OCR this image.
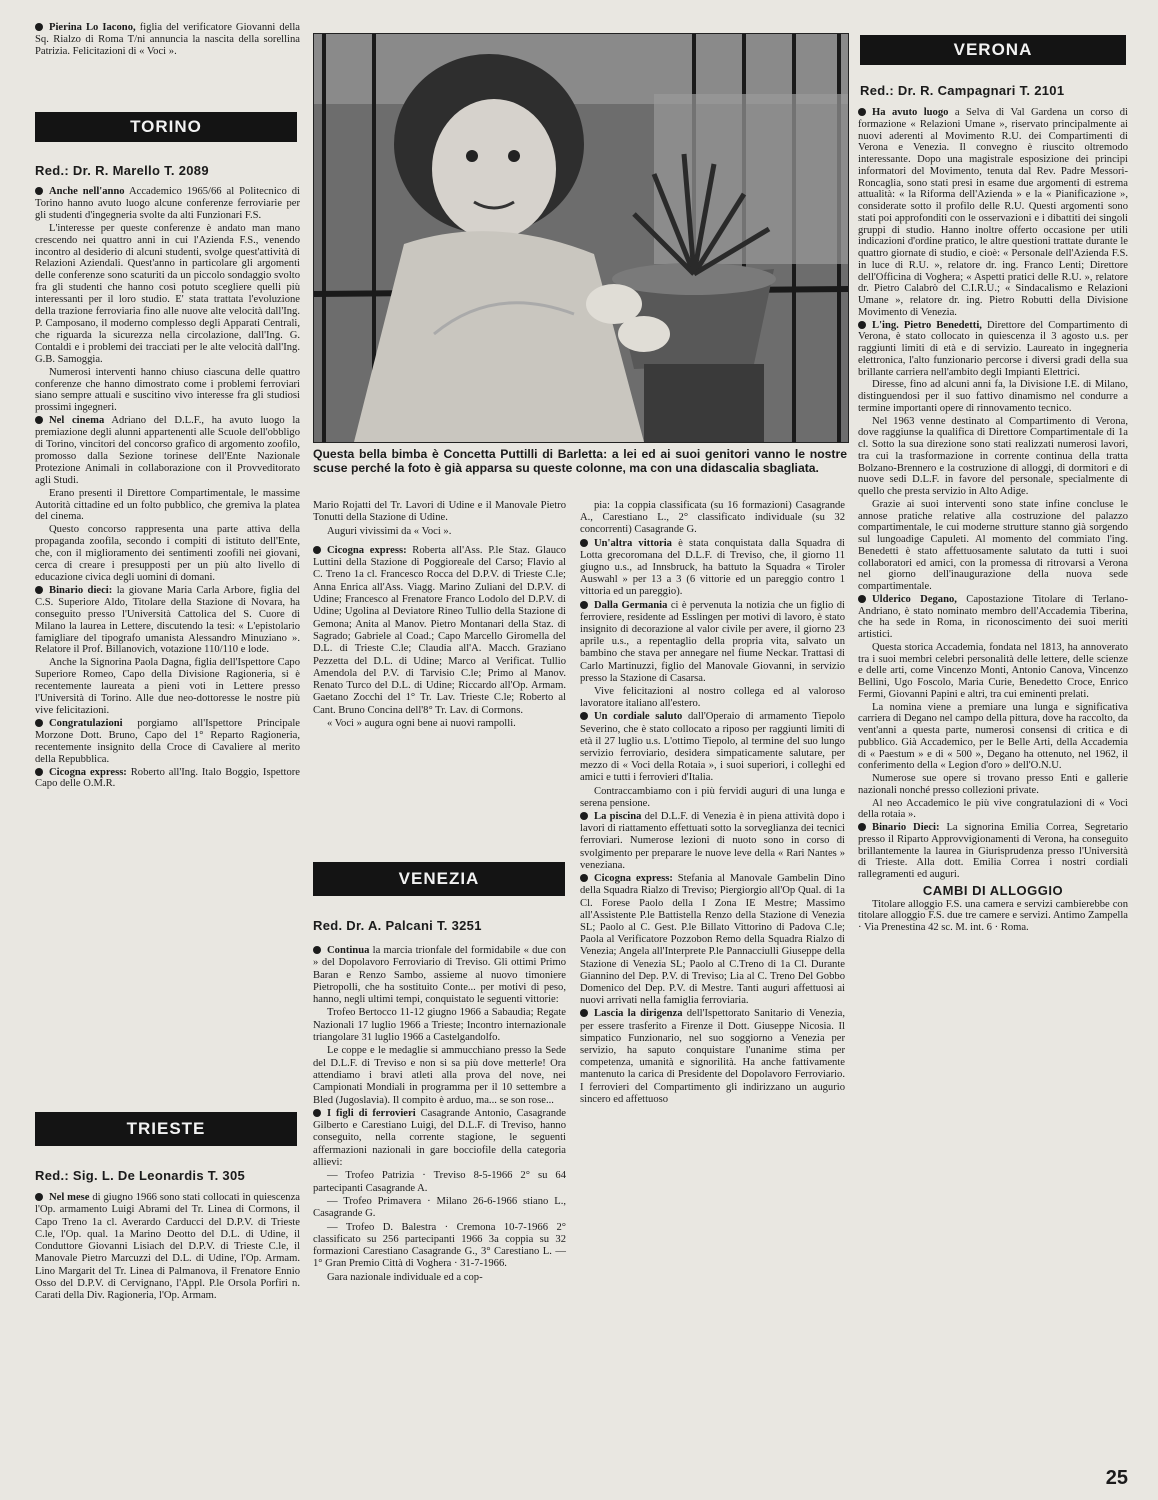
Pierina Lo Iacono, figlia del verificatore Giovanni della Sq. Rialzo di Roma T/ni annuncia la nascita della sorellina Patrizia. Felicitazioni di « Voci ».

TORINO
Red.: Dr. R. Marello T. 2089

Anche nell'anno Accademico 1965/66 al Politecnico di Torino hanno avuto luogo alcune conferenze ferroviarie per gli studenti d'ingegneria svolte da alti Funzionari F.S.

L'interesse per queste conferenze è andato man mano crescendo nei quattro anni in cui l'Azienda F.S., venendo incontro al desiderio di alcuni studenti, svolge quest'attività di Relazioni Aziendali. Quest'anno in particolare gli argomenti delle conferenze sono scaturiti da un piccolo sondaggio svolto fra gli studenti che hanno così potuto scegliere quelli più interessanti per il loro studio. E' stata trattata l'evoluzione della trazione ferroviaria fino alle nuove alte velocità dall'Ing. P. Camposano, il moderno complesso degli Apparati Centrali, che riguarda la sicurezza nella circolazione, dall'Ing. G. Contaldi e i problemi dei tracciati per le alte velocità dall'Ing. G.B. Samoggia.

Numerosi interventi hanno chiuso ciascuna delle quattro conferenze che hanno dimostrato come i problemi ferroviari siano sempre attuali e suscitino vivo interesse fra gli studiosi prossimi ingegneri.

Nel cinema Adriano del D.L.F., ha avuto luogo la premiazione degli alunni appartenenti alle Scuole dell'obbligo di Torino, vincitori del concorso grafico di argomento zoofilo, promosso dalla Sezione torinese dell'Ente Nazionale Protezione Animali in collaborazione con il Provveditorato agli Studi.

Erano presenti il Direttore Compartimentale, le massime Autorità cittadine ed un folto pubblico, che gremiva la platea del cinema.

Questo concorso rappresenta una parte attiva della propaganda zoofila, secondo i compiti di istituto dell'Ente, che, con il miglioramento dei sentimenti zoofili nei giovani, cerca di creare i presupposti per un più alto livello di educazione civica degli uomini di domani.

Binario dieci: la giovane Maria Carla Arbore, figlia del C.S. Superiore Aldo, Titolare della Stazione di Novara, ha conseguito presso l'Università Cattolica del S. Cuore di Milano la laurea in Lettere, discutendo la tesi: « L'epistolario famigliare del tipografo umanista Alessandro Minuziano ». Relatore il Prof. Billanovich, votazione 110/110 e lode.

Anche la Signorina Paola Dagna, figlia dell'Ispettore Capo Superiore Romeo, Capo della Divisione Ragioneria, si è recentemente laureata a pieni voti in Lettere presso l'Università di Torino. Alle due neo-dottoresse le nostre più vive felicitazioni.

Congratulazioni porgiamo all'Ispettore Principale Morzone Dott. Bruno, Capo del 1° Reparto Ragioneria, recentemente insignito della Croce di Cavaliere al merito della Repubblica.

Cicogna express: Roberto all'Ing. Italo Boggio, Ispettore Capo delle O.M.R.

TRIESTE
Red.: Sig. L. De Leonardis T. 305

Nel mese di giugno 1966 sono stati collocati in quiescenza l'Op. armamento Luigi Abrami del Tr. Linea di Cormons, il Capo Treno 1a cl. Averardo Carducci del D.P.V. di Trieste C.le, l'Op. qual. 1a Marino Deotto del D.L. di Udine, il Conduttore Giovanni Lisiach del D.P.V. di Trieste C.le, il Manovale Pietro Marcuzzi del D.L. di Udine, l'Op. Armam. Lino Margarit del Tr. Linea di Palmanova, il Frenatore Ennio Osso del D.P.V. di Cervignano, l'Appl. P.le Orsola Porfiri n. Carati della Div. Ragioneria, l'Op. Armam.

Questa bella bimba è Concetta Puttilli di Barletta: a lei ed ai suoi genitori vanno le nostre scuse perché la foto è già apparsa su queste colonne, ma con una didascalia sbagliata.

Mario Rojatti del Tr. Lavori di Udine e il Manovale Pietro Tonutti della Stazione di Udine.

Auguri vivissimi da « Voci ».

Cicogna express: Roberta all'Ass. P.le Staz. Glauco Luttini della Stazione di Poggioreale del Carso; Flavio al C. Treno 1a cl. Francesco Rocca del D.P.V. di Trieste C.le; Anna Enrica all'Ass. Viagg. Marino Zuliani del D.P.V. di Udine; Francesco al Frenatore Franco Lodolo del D.P.V. di Udine; Ugolina al Deviatore Rineo Tullio della Stazione di Gemona; Anita al Manov. Pietro Montanari della Staz. di Sagrado; Gabriele al Coad.; Capo Marcello Giromella del D.L. di Trieste C.le; Claudia all'A. Macch. Graziano Pezzetta del D.L. di Udine; Marco al Verificat. Tullio Amendola del P.V. di Tarvisio C.le; Primo al Manov. Renato Turco del D.L. di Udine; Riccardo all'Op. Armam. Gaetano Zocchi del 1° Tr. Lav. Trieste C.le; Roberto al Cant. Bruno Concina dell'8° Tr. Lav. di Cormons.

« Voci » augura ogni bene ai nuovi rampolli.

VENEZIA
Red. Dr. A. Palcani T. 3251

Continua la marcia trionfale del formidabile « due con » del Dopolavoro Ferroviario di Treviso. Gli ottimi Primo Baran e Renzo Sambo, assieme al nuovo timoniere Pietropolli, che ha sostituito Conte... per motivi di peso, hanno, negli ultimi tempi, conquistato le seguenti vittorie:

Trofeo Bertocco 11-12 giugno 1966 a Sabaudia; Regate Nazionali 17 luglio 1966 a Trieste; Incontro internazionale triangolare 31 luglio 1966 a Castelgandolfo.

Le coppe e le medaglie si ammucchiano presso la Sede del D.L.F. di Treviso e non si sa più dove metterle! Ora attendiamo i bravi atleti alla prova del nove, nei Campionati Mondiali in programma per il 10 settembre a Bled (Jugoslavia). Il compito è arduo, ma... se son rose...

I figli di ferrovieri Casagrande Antonio, Casagrande Gilberto e Carestiano Luigi, del D.L.F. di Treviso, hanno conseguito, nella corrente stagione, le seguenti affermazioni nazionali in gare bocciofile della categoria allievi:

— Trofeo Patrizia · Treviso 8-5-1966 2° su 64 partecipanti Casagrande A.

— Trofeo Primavera · Milano 26-6-1966 stiano L., Casagrande G.

— Trofeo D. Balestra · Cremona 10-7-1966 2° classificato su 256 partecipanti 1966 3a coppia su 32 formazioni Carestiano Casagrande G., 3° Carestiano L. — 1° Gran Premio Città di Voghera · 31-7-1966.

Gara nazionale individuale ed a cop-

pia: 1a coppia classificata (su 16 formazioni) Casagrande A., Carestiano L., 2° classificato individuale (su 32 concorrenti) Casagrande G.

Un'altra vittoria è stata conquistata dalla Squadra di Lotta grecoromana del D.L.F. di Treviso, che, il giorno 11 giugno u.s., ad Innsbruck, ha battuto la Squadra « Tiroler Auswahl » per 13 a 3 (6 vittorie ed un pareggio contro 1 vittoria ed un pareggio).

Dalla Germania ci è pervenuta la notizia che un figlio di ferroviere, residente ad Esslingen per motivi di lavoro, è stato insignito di decorazione al valor civile per avere, il giorno 23 aprile u.s., a repentaglio della propria vita, salvato un bambino che stava per annegare nel fiume Neckar. Trattasi di Carlo Martinuzzi, figlio del Manovale Giovanni, in servizio presso la Stazione di Casarsa.

Vive felicitazioni al nostro collega ed al valoroso lavoratore italiano all'estero.

Un cordiale saluto dall'Operaio di armamento Tiepolo Severino, che è stato collocato a riposo per raggiunti limiti di età il 27 luglio u.s. L'ottimo Tiepolo, al termine del suo lungo servizio ferroviario, desidera simpaticamente salutare, per mezzo di « Voci della Rotaia », i suoi superiori, i colleghi ed amici e tutti i ferrovieri d'Italia.

Contraccambiamo con i più fervidi auguri di una lunga e serena pensione.

La piscina del D.L.F. di Venezia è in piena attività dopo i lavori di riattamento effettuati sotto la sorveglianza dei tecnici ferroviari. Numerose lezioni di nuoto sono in corso di svolgimento per preparare le nuove leve della « Rari Nantes » veneziana.

Cicogna express: Stefania al Manovale Gambelin Dino della Squadra Rialzo di Treviso; Piergiorgio all'Op Qual. di 1a Cl. Forese Paolo della I Zona IE Mestre; Massimo all'Assistente P.le Battistella Renzo della Stazione di Venezia SL; Paolo al C. Gest. P.le Billato Vittorino di Padova C.le; Paola al Verificatore Pozzobon Remo della Squadra Rialzo di Venezia; Angela all'Interprete P.le Pannacciulli Giuseppe della Stazione di Venezia SL; Paolo al C.Treno di 1a Cl. Durante Giannino del Dep. P.V. di Treviso; Lia al C. Treno Del Gobbo Domenico del Dep. P.V. di Mestre. Tanti auguri affettuosi ai nuovi arrivati nella famiglia ferroviaria.

Lascia la dirigenza dell'Ispettorato Sanitario di Venezia, per essere trasferito a Firenze il Dott. Giuseppe Nicosia. Il simpatico Funzionario, nel suo soggiorno a Venezia per servizio, ha saputo conquistare l'unanime stima per competenza, umanità e signorilità. Ha anche fattivamente mantenuto la carica di Presidente del Dopolavoro Ferroviario. I ferrovieri del Compartimento gli indirizzano un augurio sincero ed affettuoso

VERONA
Red.: Dr. R. Campagnari T. 2101

Ha avuto luogo a Selva di Val Gardena un corso di formazione « Relazioni Umane », riservato principalmente ai nuovi aderenti al Movimento R.U. dei Compartimenti di Verona e Venezia. Il convegno è riuscito oltremodo interessante. Dopo una magistrale esposizione dei principi informatori del Movimento, tenuta dal Rev. Padre Messori-Roncaglia, sono stati presi in esame due argomenti di estrema attualità: « la Riforma dell'Azienda » e la « Pianificazione », considerate sotto il profilo delle R.U. Questi argomenti sono stati poi approfonditi con le osservazioni e i dibattiti dei singoli gruppi di studio. Hanno inoltre offerto occasione per utili indicazioni d'ordine pratico, le altre questioni trattate durante le quattro giornate di studio, e cioè: « Personale dell'Azienda F.S. in luce di R.U. », relatore dr. ing. Franco Lenti; Direttore dell'Officina di Voghera; « Aspetti pratici delle R.U. », relatore dr. Pietro Calabrò del C.I.R.U.; « Sindacalismo e Relazioni Umane », relatore dr. ing. Pietro Robutti della Divisione Movimento di Venezia.

L'ing. Pietro Benedetti, Direttore del Compartimento di Verona, è stato collocato in quiescenza il 3 agosto u.s. per raggiunti limiti di età e di servizio. Laureato in ingegneria elettronica, l'alto funzionario percorse i diversi gradi della sua brillante carriera nell'ambito degli Impianti Elettrici.

Diresse, fino ad alcuni anni fa, la Divisione I.E. di Milano, distinguendosi per il suo fattivo dinamismo nel condurre a termine importanti opere di rinnovamento tecnico.

Nel 1963 venne destinato al Compartimento di Verona, dove raggiunse la qualifica di Direttore Compartimentale di 1a cl. Sotto la sua direzione sono stati realizzati numerosi lavori, tra cui la trasformazione in corrente continua della tratta Bolzano-Brennero e la costruzione di alloggi, di dormitori e di nuove sedi D.L.F. in favore del personale, specialmente di quello che presta servizio in Alto Adige.

Grazie ai suoi interventi sono state infine concluse le annose pratiche relative alla costruzione del palazzo compartimentale, le cui moderne strutture stanno già sorgendo sul lungoadige Capuleti. Al momento del commiato l'ing. Benedetti è stato affettuosamente salutato da tutti i suoi collaboratori ed amici, con la promessa di ritrovarsi a Verona nel giorno dell'inaugurazione della nuova sede compartimentale.

Ulderico Degano, Capostazione Titolare di Terlano-Andriano, è stato nominato membro dell'Accademia Tiberina, che ha sede in Roma, in riconoscimento dei suoi meriti artistici.

Questa storica Accademia, fondata nel 1813, ha annoverato tra i suoi membri celebri personalità delle lettere, delle scienze e delle arti, come Vincenzo Monti, Antonio Canova, Vincenzo Bellini, Ugo Foscolo, Maria Curie, Benedetto Croce, Enrico Fermi, Giovanni Papini e altri, tra cui eminenti prelati.

La nomina viene a premiare una lunga e significativa carriera di Degano nel campo della pittura, dove ha raccolto, da vent'anni a questa parte, numerosi consensi di critica e di pubblico. Già Accademico, per le Belle Arti, della Accademia di « Paestum » e di « 500 », Degano ha ottenuto, nel 1962, il conferimento della « Legion d'oro » dell'O.N.U.

Numerose sue opere si trovano presso Enti e gallerie nazionali nonché presso collezioni private.

Al neo Accademico le più vive congratulazioni di « Voci della rotaia ».

Binario Dieci: La signorina Emilia Correa, Segretario presso il Riparto Approvvigionamenti di Verona, ha conseguito brillantemente la laurea in Giurisprudenza presso l'Università di Trieste. Alla dott. Emilia Correa i nostri cordiali rallegramenti ed auguri.

CAMBI DI ALLOGGIO

Titolare alloggio F.S. una camera e servizi cambierebbe con titolare alloggio F.S. due tre camere e servizi. Antimo Zampella · Via Prenestina 42 sc. M. int. 6 · Roma.

25
